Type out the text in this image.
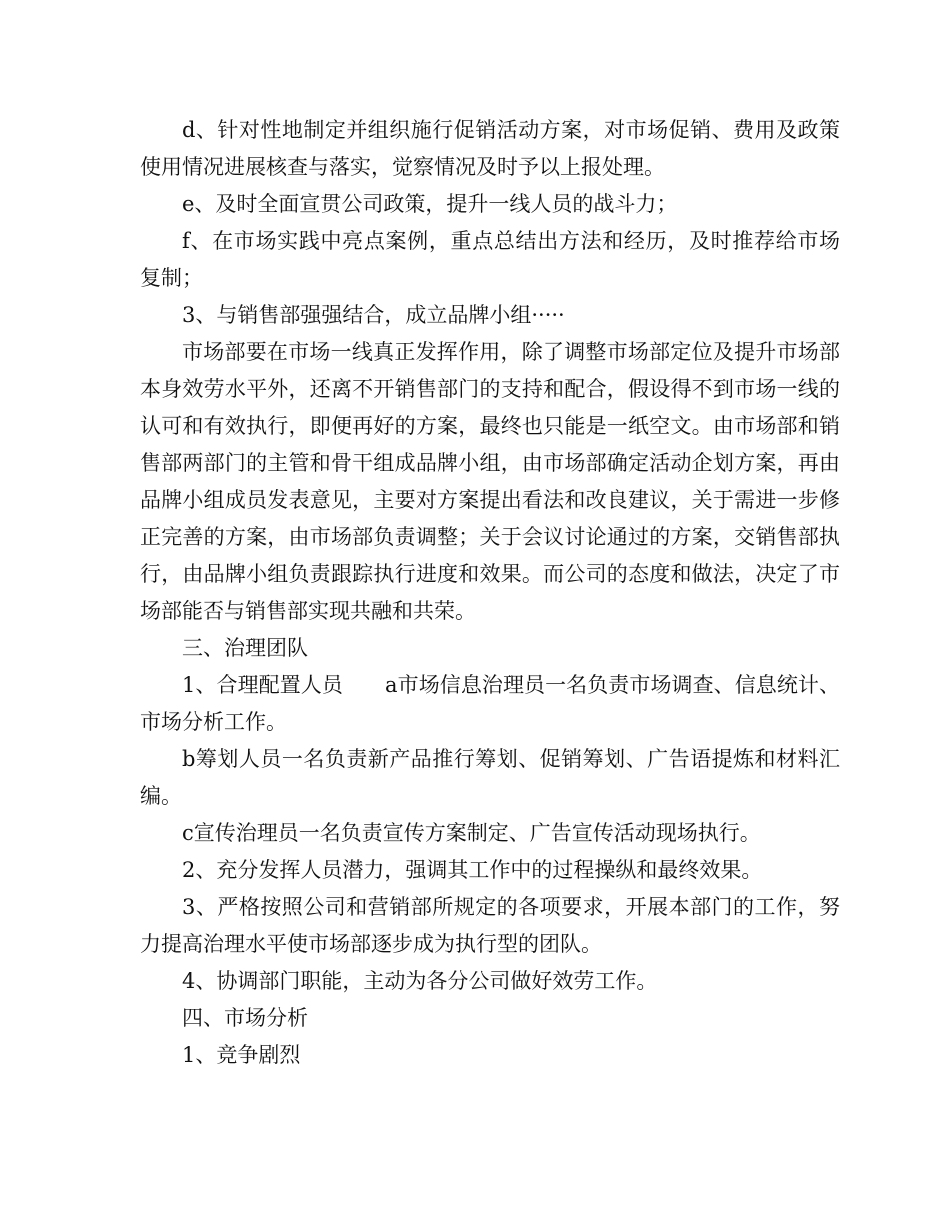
d、针对性地制定并组织施行促销活动方案，对市场促销、费用及政策使用情况进展核查与落实，觉察情况及时予以上报处理。

e、及时全面宣贯公司政策，提升一线人员的战斗力；

f、在市场实践中亮点案例，重点总结出方法和经历，及时推荐给市场复制；

3、与销售部强强结合，成立品牌小组·····

市场部要在市场一线真正发挥作用，除了调整市场部定位及提升市场部本身效劳水平外，还离不开销售部门的支持和配合，假设得不到市场一线的认可和有效执行，即便再好的方案，最终也只能是一纸空文。由市场部和销售部两部门的主管和骨干组成品牌小组，由市场部确定活动企划方案，再由品牌小组成员发表意见，主要对方案提出看法和改良建议，关于需进一步修正完善的方案，由市场部负责调整；关于会议讨论通过的方案，交销售部执行，由品牌小组负责跟踪执行进度和效果。而公司的态度和做法，决定了市场部能否与销售部实现共融和共荣。

三、治理团队

1、合理配置人员　　a市场信息治理员一名负责市场调查、信息统计、市场分析工作。

b筹划人员一名负责新产品推行筹划、促销筹划、广告语提炼和材料汇编。

c宣传治理员一名负责宣传方案制定、广告宣传活动现场执行。

2、充分发挥人员潜力，强调其工作中的过程操纵和最终效果。

3、严格按照公司和营销部所规定的各项要求，开展本部门的工作，努力提高治理水平使市场部逐步成为执行型的团队。

4、协调部门职能，主动为各分公司做好效劳工作。

四、市场分析

1、竞争剧烈
